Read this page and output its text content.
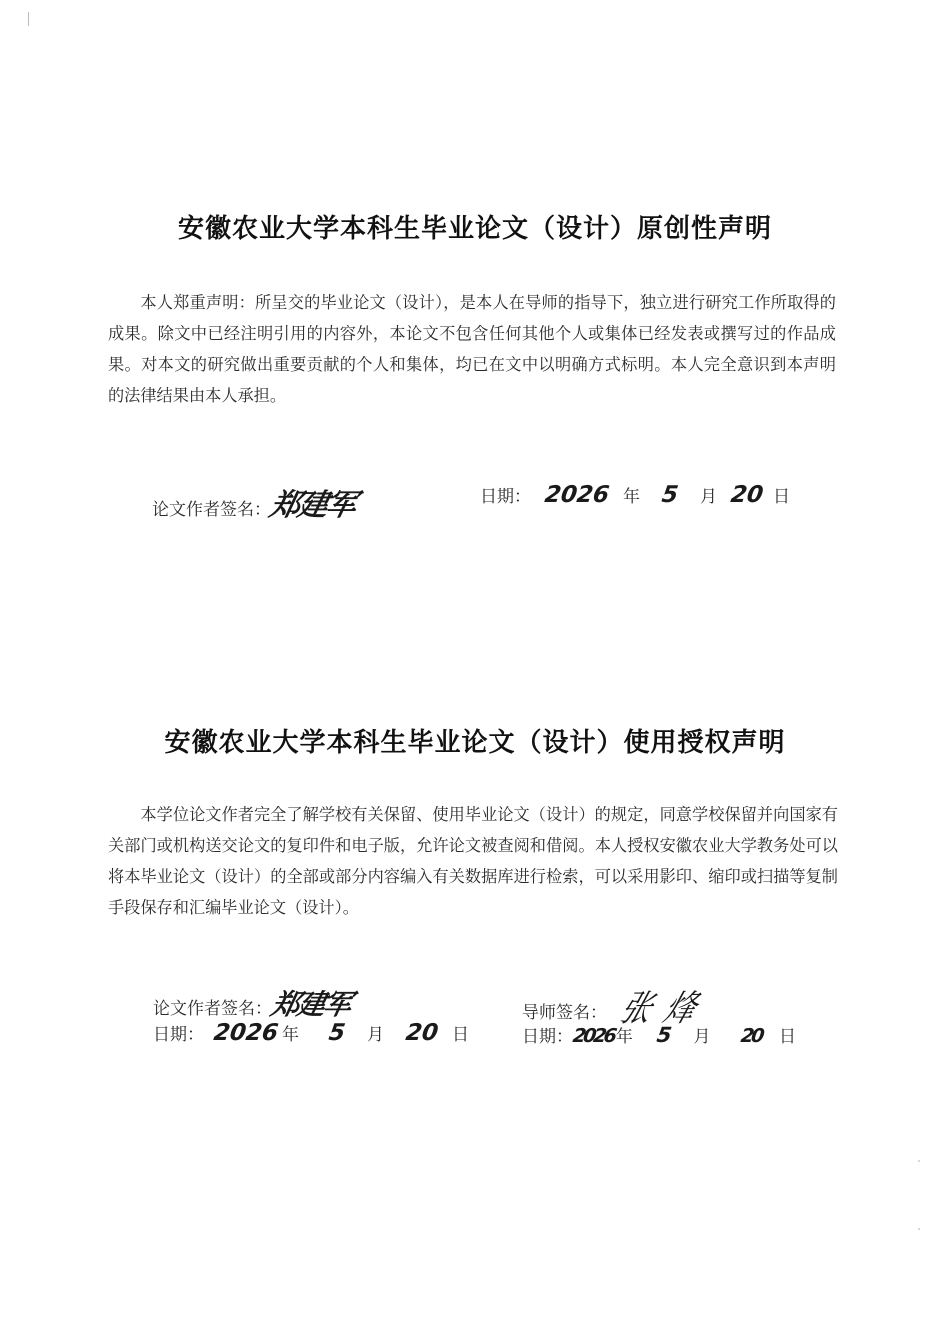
安徽农业大学本科生毕业论文（设计）原创性声明
本人郑重声明：所呈交的毕业论文（设计），是本人在导师的指导下，独立进行研究工作所取得的成果。除文中已经注明引用的内容外，本论文不包含任何其他个人或集体已经发表或撰写过的作品成果。对本文的研究做出重要贡献的个人和集体，均已在文中以明确方式标明。本人完全意识到本声明的法律结果由本人承担。
论文作者签名：郑建军	日期： 2026 年 5 月 20 日
安徽农业大学本科生毕业论文（设计）使用授权声明
本学位论文作者完全了解学校有关保留、使用毕业论文（设计）的规定，同意学校保留并向国家有关部门或机构送交论文的复印件和电子版，允许论文被查阅和借阅。本人授权安徽农业大学教务处可以将本毕业论文（设计）的全部或部分内容编入有关数据库进行检索，可以采用影印、缩印或扫描等复制手段保存和汇编毕业论文（设计）。
论文作者签名：郑建军
日期： 2026 年 5 月 20 日
导师签名： 张 烽
日期：2026年 5 月 20 日
